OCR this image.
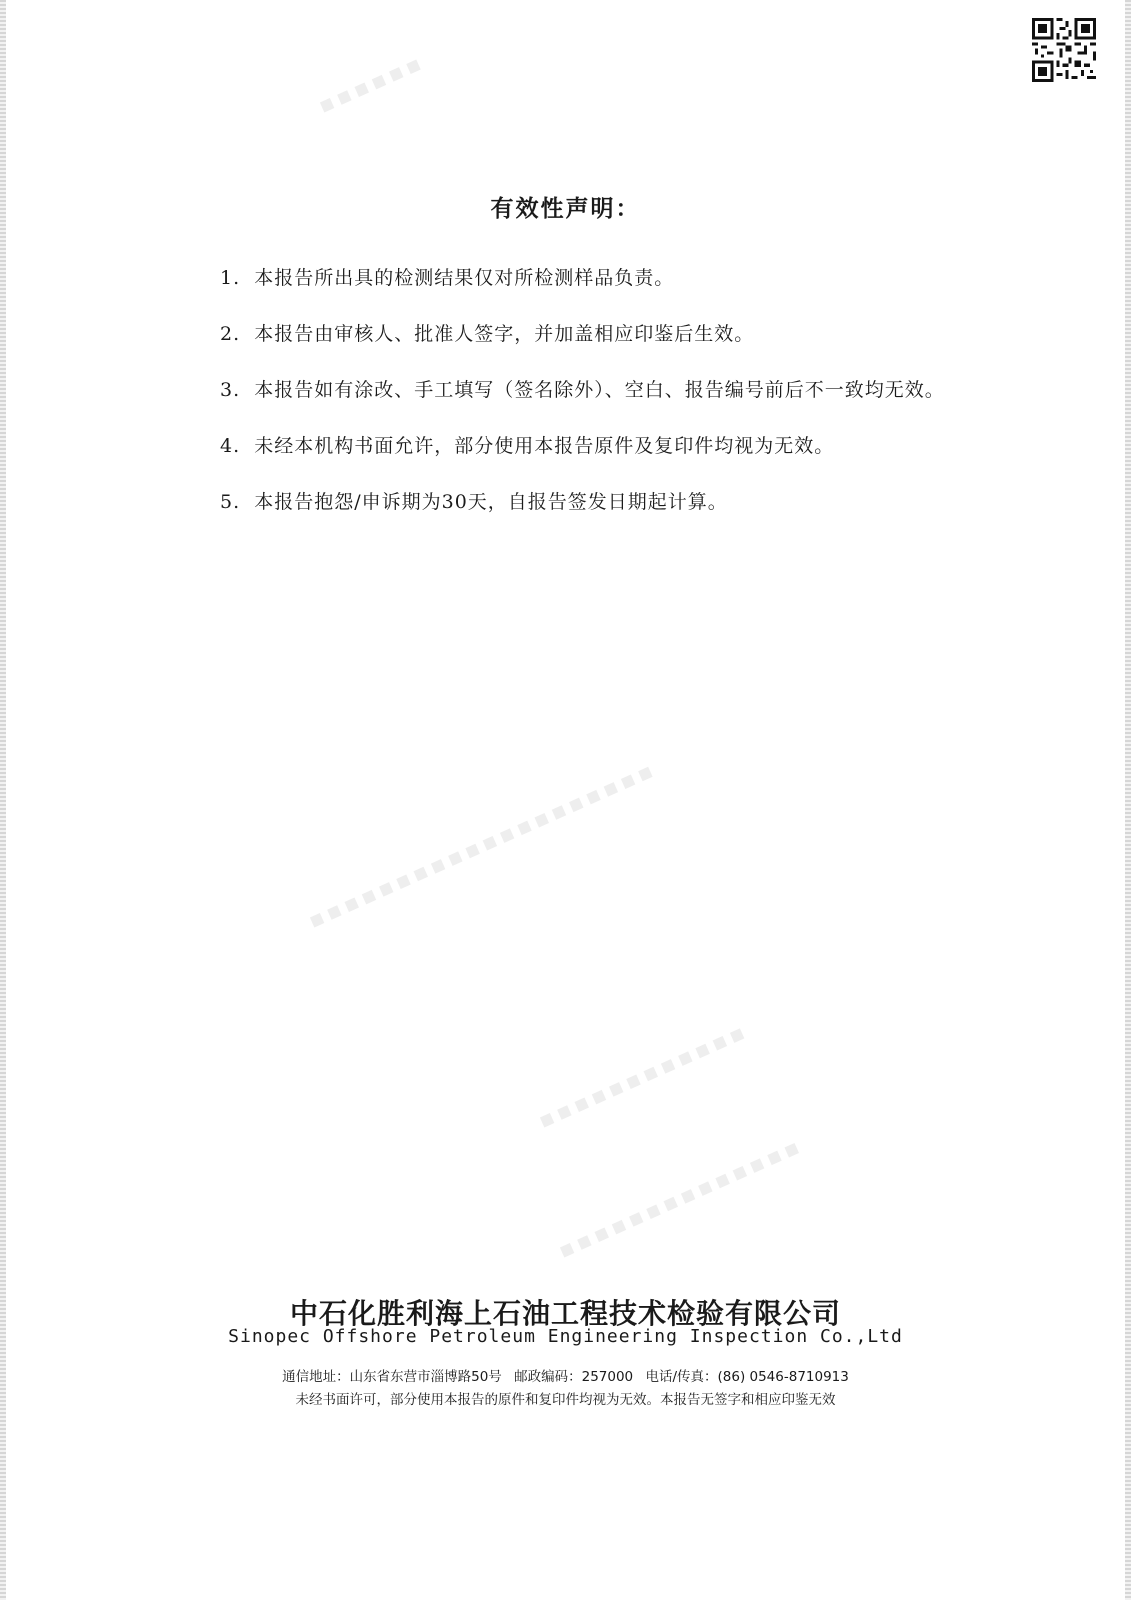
▪▪▪▪▪▪
▪▪▪▪▪▪▪▪▪▪▪▪▪▪▪▪▪▪▪▪
▪▪▪▪▪▪▪▪▪▪▪▪
▪▪▪▪▪▪▪▪▪▪▪▪▪▪
有效性声明：
1.  本报告所出具的检测结果仅对所检测样品负责。
2.  本报告由审核人、批准人签字，并加盖相应印鉴后生效。
3.  本报告如有涂改、手工填写（签名除外）、空白、报告编号前后不一致均无效。
4.  未经本机构书面允许，部分使用本报告原件及复印件均视为无效。
5.  本报告抱怨/申诉期为30天，自报告签发日期起计算。
中石化胜利海上石油工程技术检验有限公司
Sinopec Offshore Petroleum Engineering Inspection Co.,Ltd
通信地址：山东省东营市淄博路50号 邮政编码：257000 电话/传真：(86) 0546-8710913
未经书面许可，部分使用本报告的原件和复印件均视为无效。本报告无签字和相应印鉴无效
